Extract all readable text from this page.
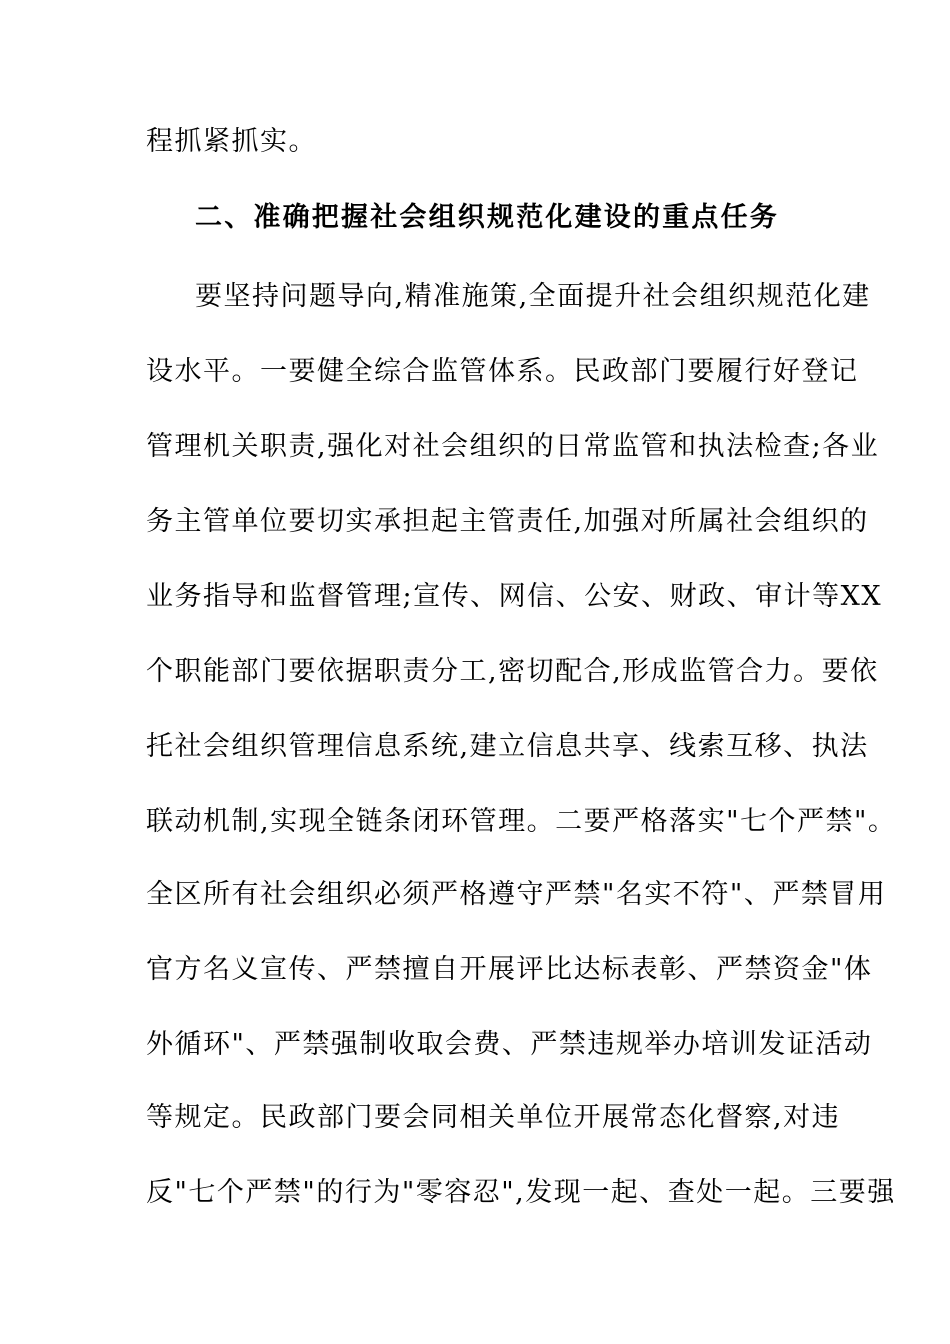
程抓紧抓实。
二、准确把握社会组织规范化建设的重点任务
要坚持问题导向,精准施策,全面提升社会组织规范化建
设水平。一要健全综合监管体系。民政部门要履行好登记
管理机关职责,强化对社会组织的日常监管和执法检查;各业
务主管单位要切实承担起主管责任,加强对所属社会组织的
业务指导和监督管理;宣传、网信、公安、财政、审计等XX
个职能部门要依据职责分工,密切配合,形成监管合力。要依
托社会组织管理信息系统,建立信息共享、线索互移、执法
联动机制,实现全链条闭环管理。二要严格落实"七个严禁"。
全区所有社会组织必须严格遵守严禁"名实不符"、严禁冒用
官方名义宣传、严禁擅自开展评比达标表彰、严禁资金"体
外循环"、严禁强制收取会费、严禁违规举办培训发证活动
等规定。民政部门要会同相关单位开展常态化督察,对违
反"七个严禁"的行为"零容忍",发现一起、查处一起。三要强
